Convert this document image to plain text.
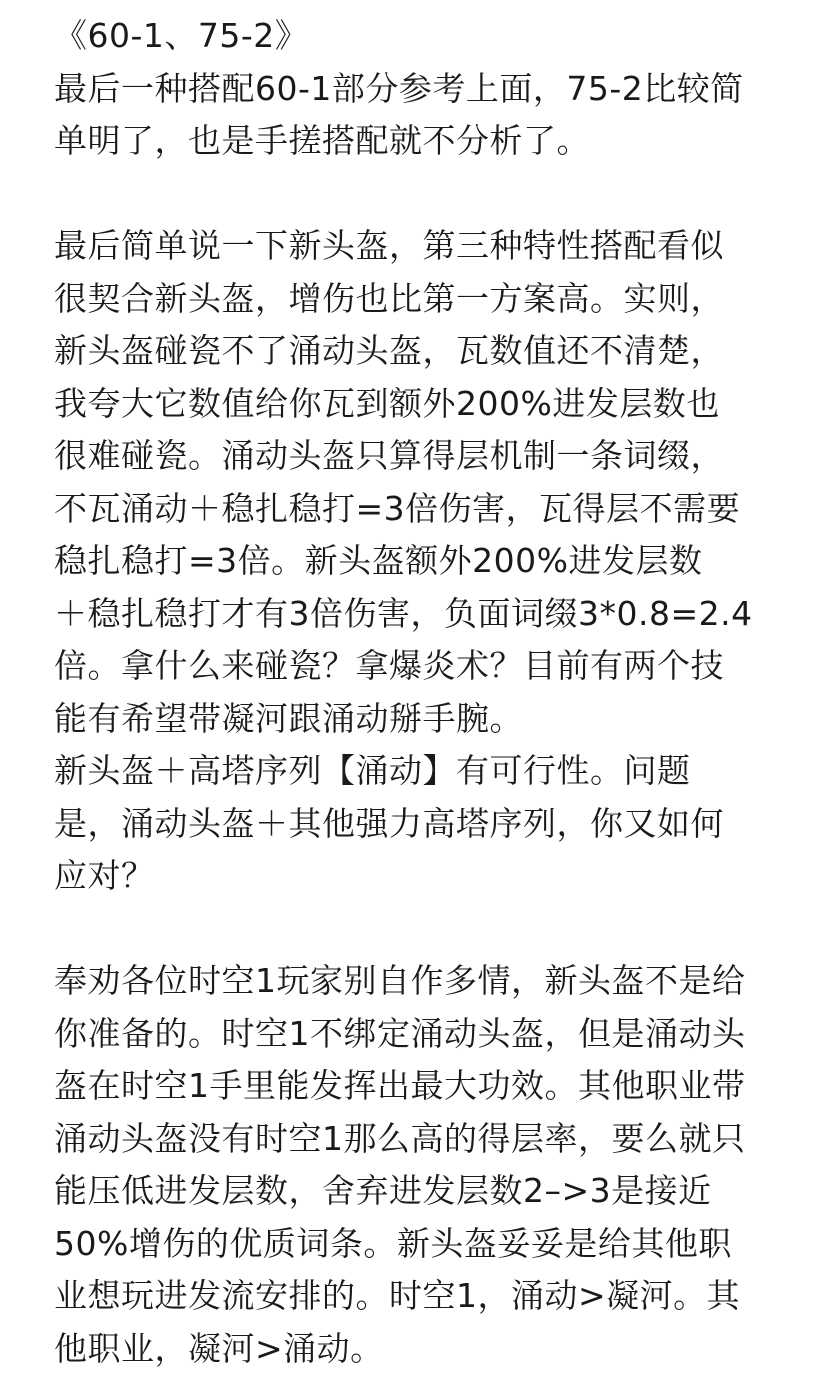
《60-1、75-2》
最后一种搭配60-1部分参考上面，75-2比较简
单明了，也是手搓搭配就不分析了。
最后简单说一下新头盔，第三种特性搭配看似
很契合新头盔，增伤也比第一方案高。实则，
新头盔碰瓷不了涌动头盔，瓦数值还不清楚，
我夸大它数值给你瓦到额外200%进发层数也
很难碰瓷。涌动头盔只算得层机制一条词缀，
不瓦涌动＋稳扎稳打=3倍伤害，瓦得层不需要
稳扎稳打=3倍。新头盔额外200%进发层数
＋稳扎稳打才有3倍伤害，负面词缀3*0.8=2.4
倍。拿什么来碰瓷？拿爆炎术？目前有两个技
能有希望带凝河跟涌动掰手腕。
新头盔＋高塔序列【涌动】有可行性。问题
是，涌动头盔＋其他强力高塔序列，你又如何
应对？
奉劝各位时空1玩家别自作多情，新头盔不是给
你准备的。时空1不绑定涌动头盔，但是涌动头
盔在时空1手里能发挥出最大功效。其他职业带
涌动头盔没有时空1那么高的得层率，要么就只
能压低进发层数，舍弃进发层数2–>3是接近
50%增伤的优质词条。新头盔妥妥是给其他职
业想玩进发流安排的。时空1，涌动>凝河。其
他职业，凝河>涌动。
